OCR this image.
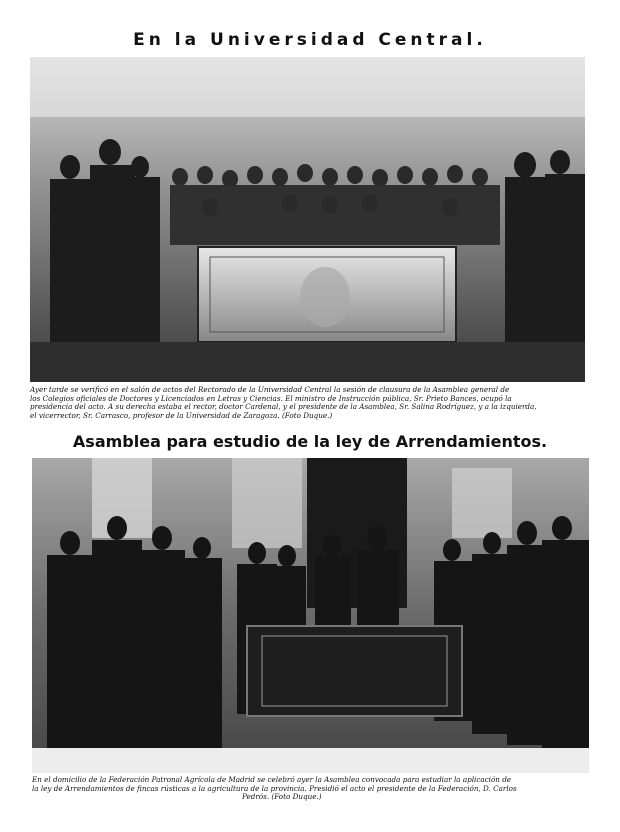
En la Universidad Central.
Ayer tarde se verificó en el salón de actos del Rectorado de la Universidad Central la sesión de clausura de la Asamblea general de
los Colegios oficiales de Doctores y Licenciados en Letras y Ciencias. El ministro de Instrucción pública, Sr. Prieto Bances, ocupó la
presidencia del acto. A su derecha estaba el rector, doctor Cardenal, y el presidente de la Asamblea, Sr. Salina Rodríguez, y a la izquierda,
el vicerrector, Sr. Carrasco, profesor de la Universidad de Zaragoza. (Foto Duque.)
Asamblea para estudio de la ley de Arrendamientos.
En el domicilio de la Federación Patronal Agrícola de Madrid se celebró ayer la Asamblea convocada para estudiar la aplicación de
la ley de Arrendamientos de fincas rústicas a la agricultura de la provincia. Presidió el acto el presidente de la Federación, D. Carlos
Pedrós. (Foto Duque.)
